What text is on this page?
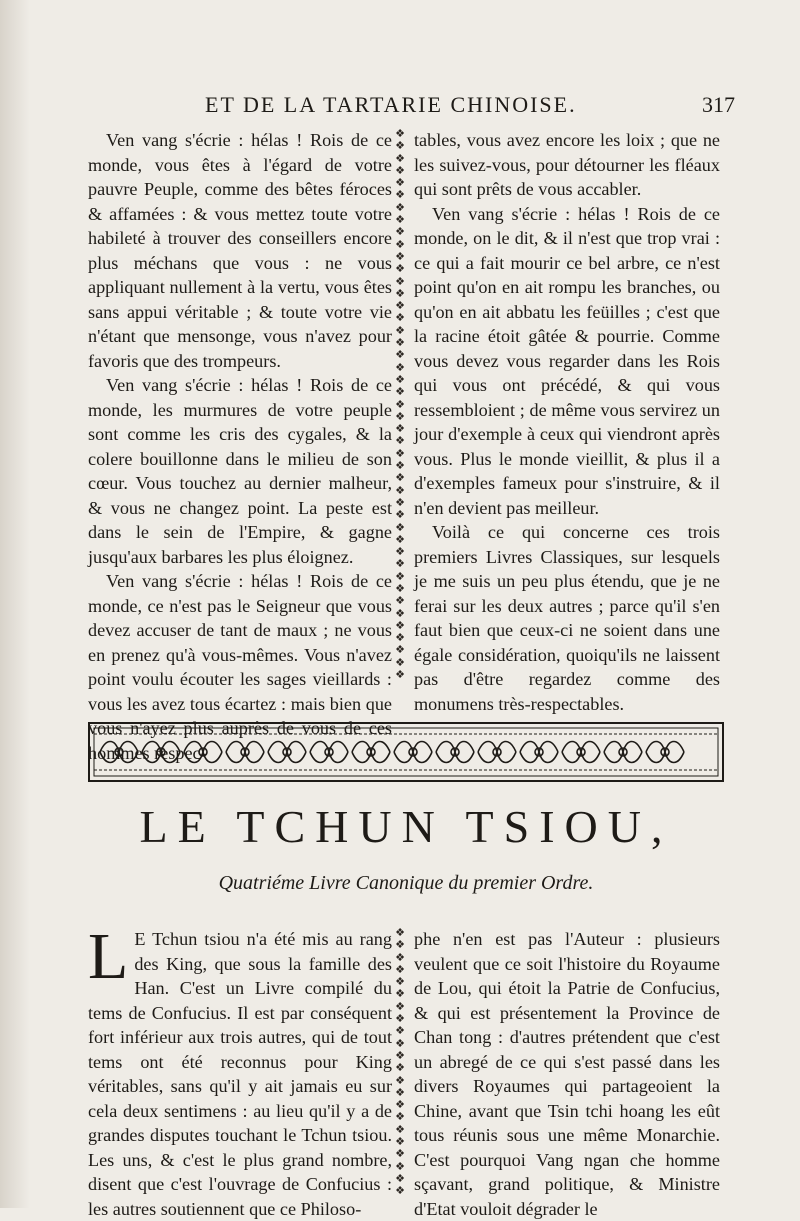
ET DE LA TARTARIE CHINOISE.	317

Ven vang s'écrie : hélas ! Rois de ce monde, vous êtes à l'égard de votre pauvre Peuple, comme des bêtes féroces & affamées : & vous mettez toute votre habileté à trouver des conseillers encore plus méchans que vous : ne vous appliquant nullement à la vertu, vous êtes sans appui véritable ; & toute votre vie n'étant que mensonge, vous n'avez pour favoris que des trompeurs.

Ven vang s'écrie : hélas ! Rois de ce monde, les murmures de votre peuple sont comme les cris des cygales, & la colere bouillonne dans le milieu de son cœur. Vous touchez au dernier malheur, & vous ne changez point. La peste est dans le sein de l'Empire, & gagne jusqu'aux barbares les plus éloignez.

Ven vang s'écrie : hélas ! Rois de ce monde, ce n'est pas le Seigneur que vous devez accuser de tant de maux ; ne vous en prenez qu'à vous-mêmes. Vous n'avez point voulu écouter les sages vieillards : vous les avez tous écartez : mais bien que vous n'ayez plus auprès de vous de ces hommes respec-

❖
❖
❖
❖
❖
❖
❖
❖
❖
❖
❖
❖
❖
❖
❖
❖
❖
❖
❖
❖
❖
❖
❖
❖
❖
❖
❖
❖
❖
❖
❖
❖
❖
❖
❖
❖
❖
❖
❖
❖
❖
❖
❖
❖
❖

tables, vous avez encore les loix ; que ne les suivez-vous, pour détourner les fléaux qui sont prêts de vous accabler.

Ven vang s'écrie : hélas ! Rois de ce monde, on le dit, & il n'est que trop vrai : ce qui a fait mourir ce bel arbre, ce n'est point qu'on en ait rompu les branches, ou qu'on en ait abbatu les feüilles ; c'est que la racine étoit gâtée & pourrie. Comme vous devez vous regarder dans les Rois qui vous ont précédé, & qui vous ressembloient ; de même vous servirez un jour d'exemple à ceux qui viendront après vous. Plus le monde vieillit, & plus il a d'exemples fameux pour s'instruire, & il n'en devient pas meilleur.

Voilà ce qui concerne ces trois premiers Livres Classiques, sur lesquels je me suis un peu plus étendu, que je ne ferai sur les deux autres ; parce qu'il s'en faut bien que ceux-ci ne soient dans une égale considération, quoiqu'ils ne laissent pas d'être regardez comme des monumens très-respectables.

LE TCHUN TSIOU,
Quatriéme Livre Canonique du premier Ordre.

L E Tchun tsiou n'a été mis au rang des King, que sous la famille des Han. C'est un Livre compilé du tems de Confucius. Il est par conséquent fort inférieur aux trois autres, qui de tout tems ont été reconnus pour King véritables, sans qu'il y ait jamais eu sur cela deux sentimens : au lieu qu'il y a de grandes disputes touchant le Tchun tsiou. Les uns, & c'est le plus grand nombre, disent que c'est l'ouvrage de Confucius : les autres soutiennent que ce Philoso-

❖
❖
❖
❖
❖
❖
❖
❖
❖
❖
❖
❖
❖
❖
❖
❖
❖
❖
❖
❖
❖
❖

phe n'en est pas l'Auteur : plusieurs veulent que ce soit l'histoire du Royaume de Lou, qui étoit la Patrie de Confucius, & qui est présentement la Province de Chan tong : d'autres prétendent que c'est un abregé de ce qui s'est passé dans les divers Royaumes qui partageoient la Chine, avant que Tsin tchi hoang les eût tous réunis sous une même Monarchie. C'est pourquoi Vang ngan che homme sçavant, grand politique, & Ministre d'Etat vouloit dégrader le
